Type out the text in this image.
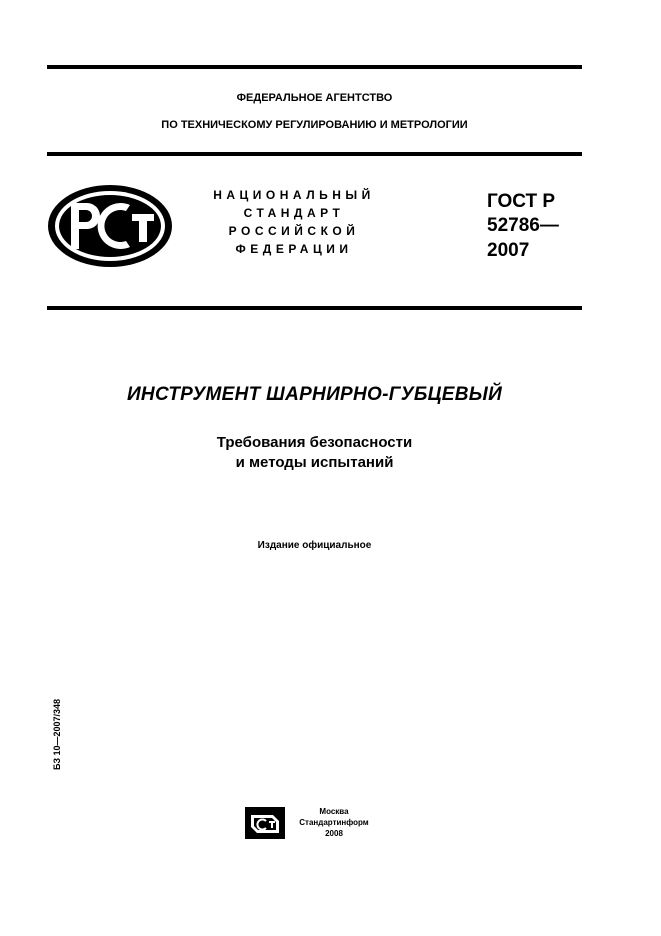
ФЕДЕРАЛЬНОЕ АГЕНТСТВО
ПО ТЕХНИЧЕСКОМУ РЕГУЛИРОВАНИЮ И МЕТРОЛОГИИ
НАЦИОНАЛЬНЫЙ
СТАНДАРТ
РОССИЙСКОЙ
ФЕДЕРАЦИИ
ГОСТ Р
52786—
2007
ИНСТРУМЕНТ ШАРНИРНО-ГУБЦЕВЫЙ
Требования безопасности
и методы испытаний
Издание официальное
БЗ 10—2007/348
Москва
Стандартинформ
2008
